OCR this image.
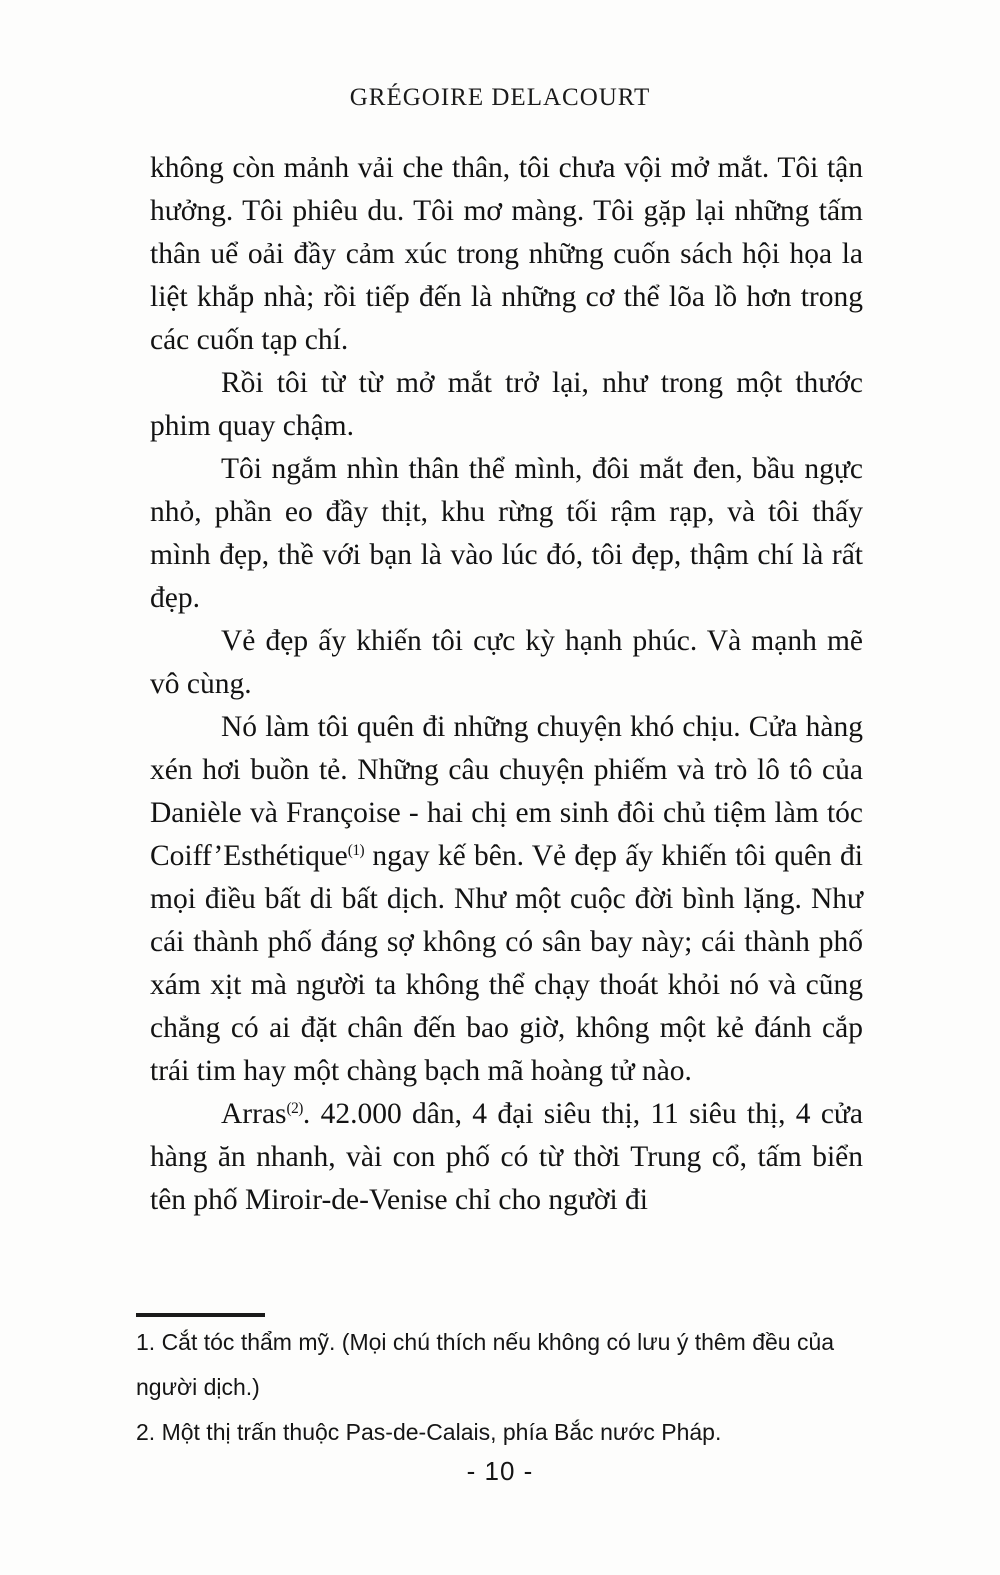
GRÉGOIRE DELACOURT

không còn mảnh vải che thân, tôi chưa vội mở mắt. Tôi tận hưởng. Tôi phiêu du. Tôi mơ màng. Tôi gặp lại những tấm thân uể oải đầy cảm xúc trong những cuốn sách hội họa la liệt khắp nhà; rồi tiếp đến là những cơ thể lõa lồ hơn trong các cuốn tạp chí.

Rồi tôi từ từ mở mắt trở lại, như trong một thước phim quay chậm.

Tôi ngắm nhìn thân thể mình, đôi mắt đen, bầu ngực nhỏ, phần eo đầy thịt, khu rừng tối rậm rạp, và tôi thấy mình đẹp, thề với bạn là vào lúc đó, tôi đẹp, thậm chí là rất đẹp.

Vẻ đẹp ấy khiến tôi cực kỳ hạnh phúc. Và mạnh mẽ vô cùng.

Nó làm tôi quên đi những chuyện khó chịu. Cửa hàng xén hơi buồn tẻ. Những câu chuyện phiếm và trò lô tô của Danièle và Françoise - hai chị em sinh đôi chủ tiệm làm tóc Coiff’Esthétique$^{(1)}$ ngay kế bên. Vẻ đẹp ấy khiến tôi quên đi mọi điều bất di bất dịch. Như một cuộc đời bình lặng. Như cái thành phố đáng sợ không có sân bay này; cái thành phố xám xịt mà người ta không thể chạy thoát khỏi nó và cũng chẳng có ai đặt chân đến bao giờ, không một kẻ đánh cắp trái tim hay một chàng bạch mã hoàng tử nào.

Arras$^{(2)}$. 42.000 dân, 4 đại siêu thị, 11 siêu thị, 4 cửa hàng ăn nhanh, vài con phố có từ thời Trung cổ, tấm biển tên phố Miroir-de-Venise chỉ cho người đi

1. Cắt tóc thẩm mỹ. (Mọi chú thích nếu không có lưu ý thêm đều của người dịch.)

2. Một thị trấn thuộc Pas-de-Calais, phía Bắc nước Pháp.

- 10 -
